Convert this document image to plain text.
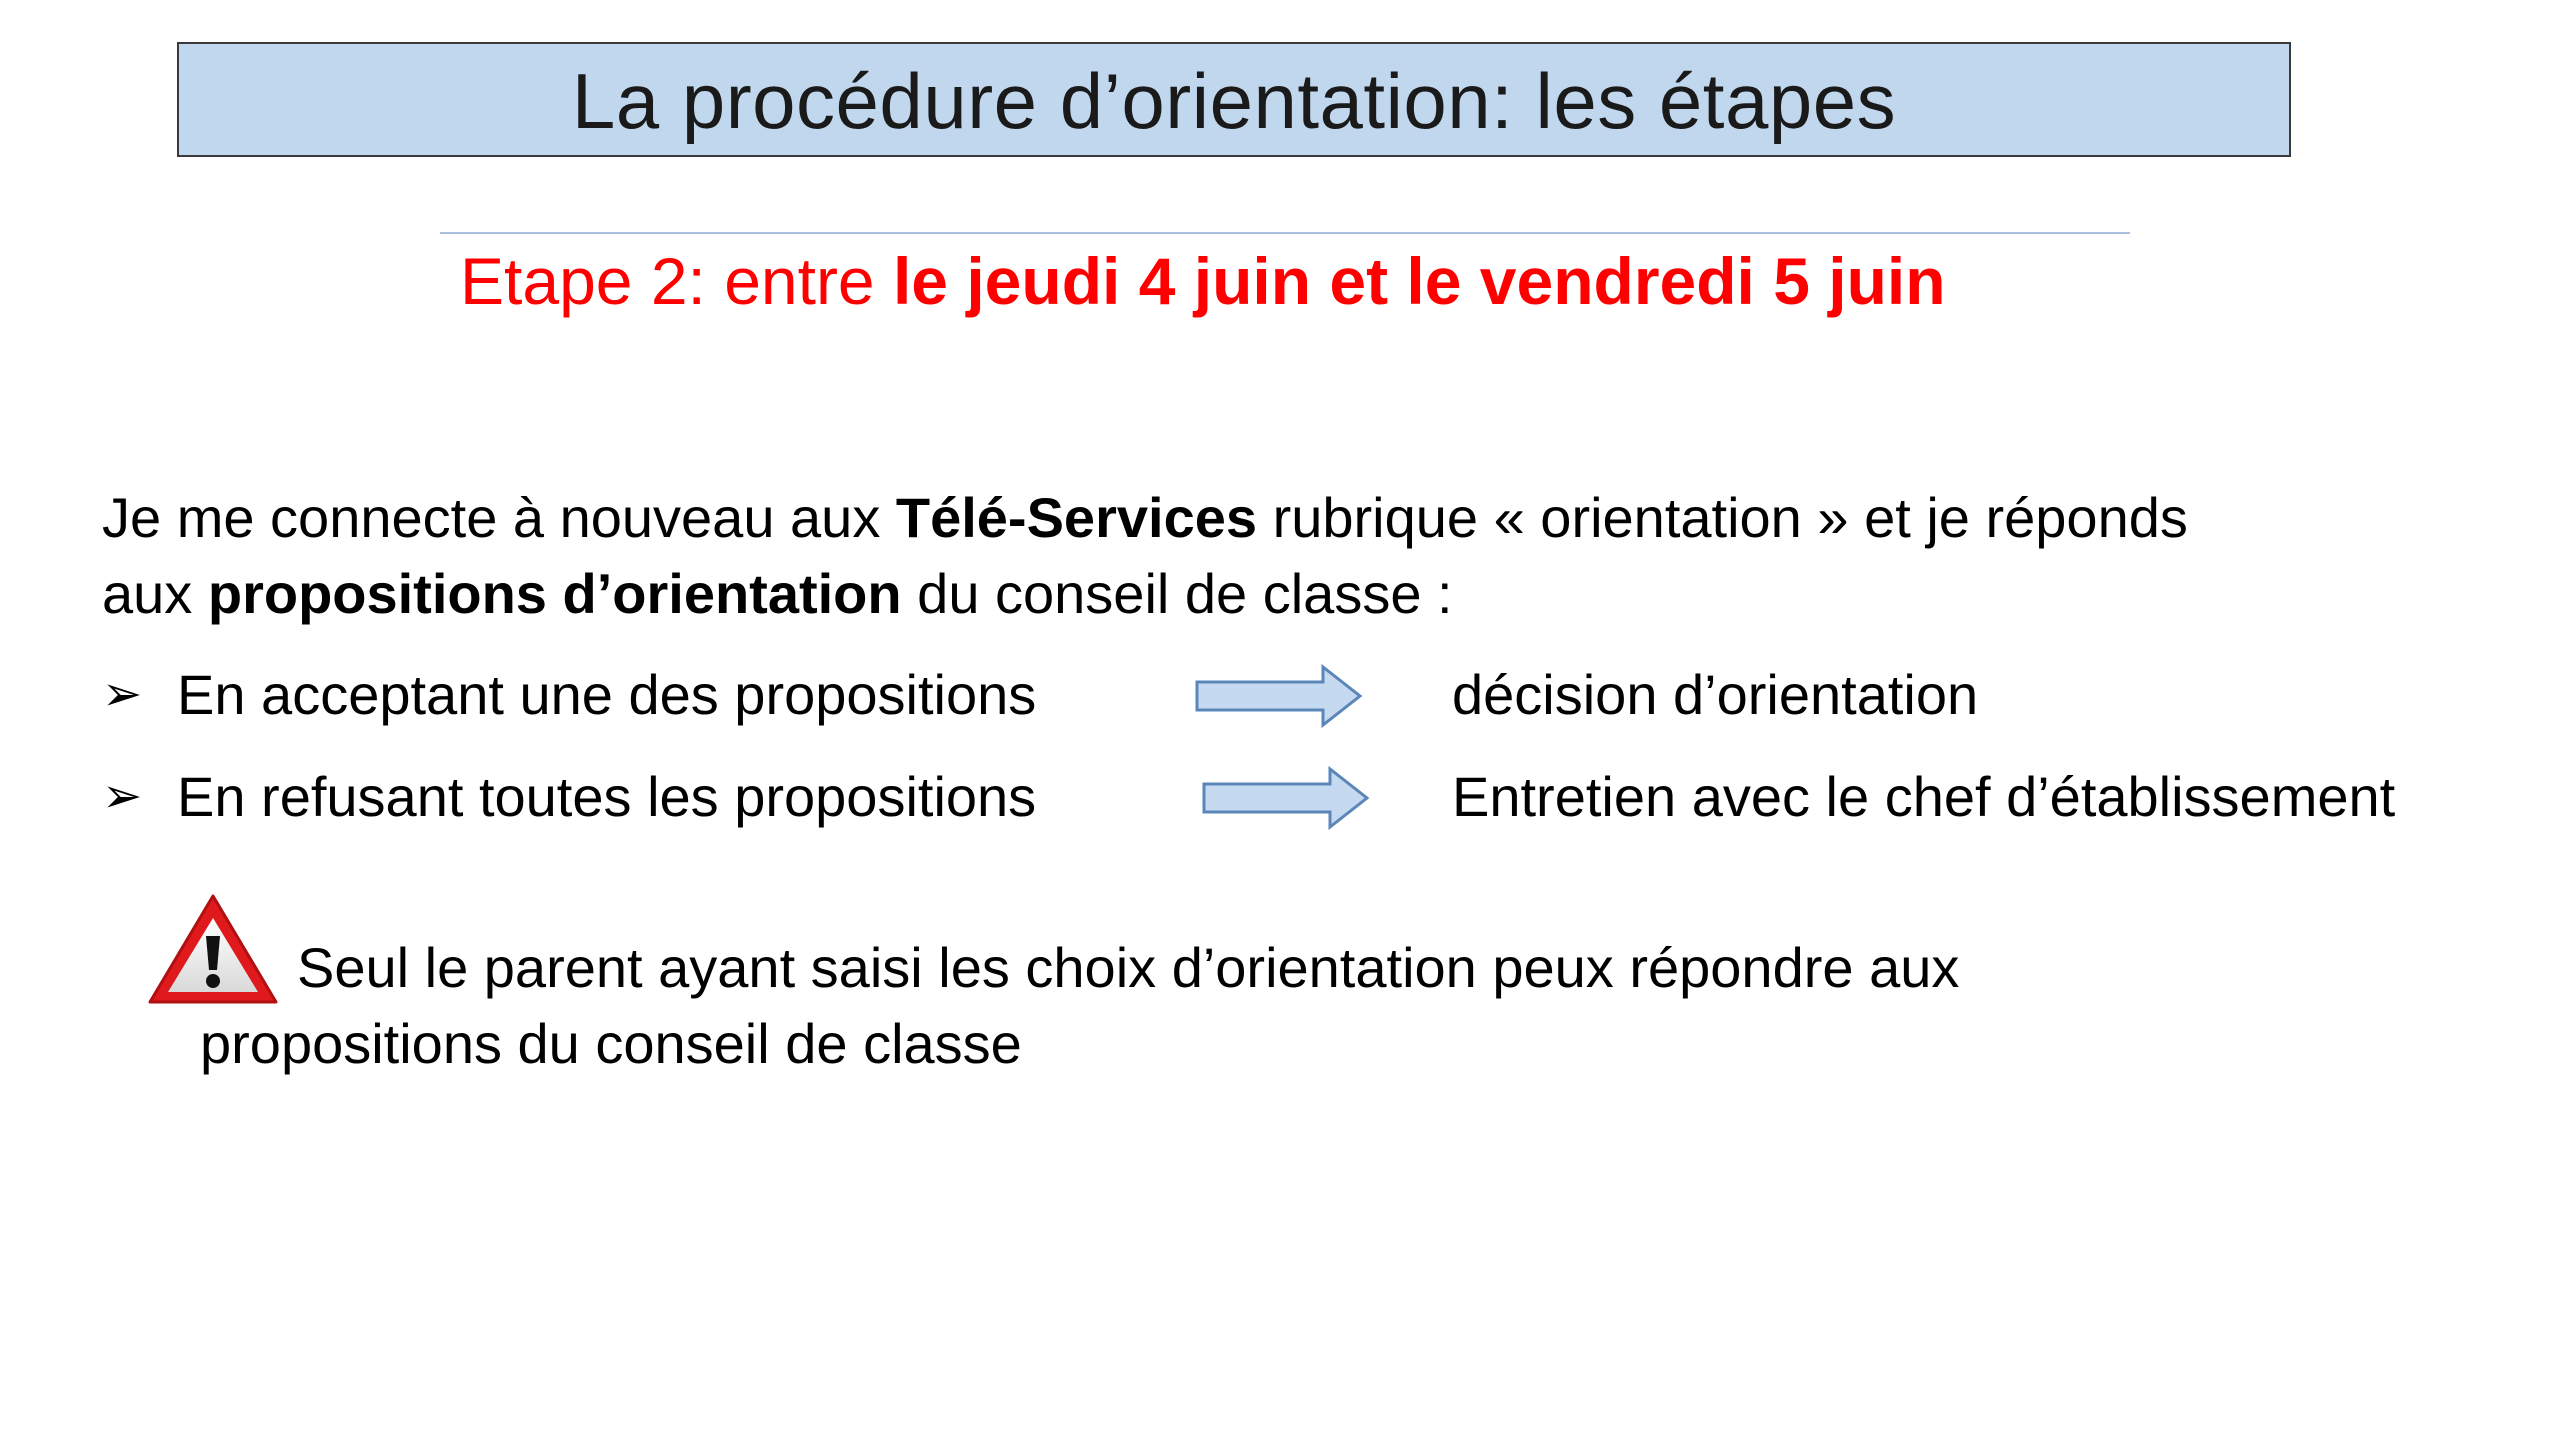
La procédure d’orientation: les étapes
Etape 2: entre le jeudi 4 juin et le vendredi 5 juin
Je me connecte à nouveau aux Télé-Services rubrique « orientation » et je réponds
aux propositions d’orientation du conseil de classe :
➢ En acceptant une des propositions	décision d’orientation
➢ En refusant toutes les propositions	Entretien avec le chef d’établissement
Seul le parent ayant saisi les choix d’orientation peux répondre aux
propositions du conseil de classe
